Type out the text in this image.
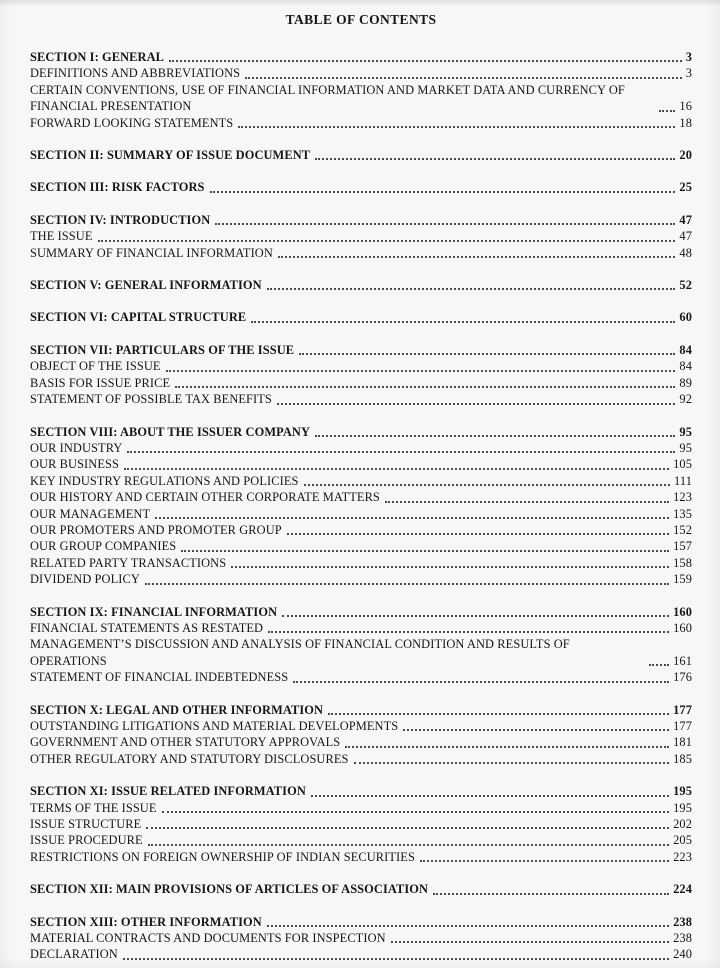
TABLE OF CONTENTS
SECTION I: GENERAL	3
DEFINITIONS AND ABBREVIATIONS	3
CERTAIN CONVENTIONS, USE OF FINANCIAL INFORMATION AND MARKET DATA AND CURRENCY OF FINANCIAL PRESENTATION	16
FORWARD LOOKING STATEMENTS	18
SECTION II: SUMMARY OF ISSUE DOCUMENT	20
SECTION III: RISK FACTORS	25
SECTION IV: INTRODUCTION	47
THE ISSUE	47
SUMMARY OF FINANCIAL INFORMATION	48
SECTION V: GENERAL INFORMATION	52
SECTION VI: CAPITAL STRUCTURE	60
SECTION VII: PARTICULARS OF THE ISSUE	84
OBJECT OF THE ISSUE	84
BASIS FOR ISSUE PRICE	89
STATEMENT OF POSSIBLE TAX BENEFITS	92
SECTION VIII: ABOUT THE ISSUER COMPANY	95
OUR INDUSTRY	95
OUR BUSINESS	105
KEY INDUSTRY REGULATIONS AND POLICIES	111
OUR HISTORY AND CERTAIN OTHER CORPORATE MATTERS	123
OUR MANAGEMENT	135
OUR PROMOTERS AND PROMOTER GROUP	152
OUR GROUP COMPANIES	157
RELATED PARTY TRANSACTIONS	158
DIVIDEND POLICY	159
SECTION IX: FINANCIAL INFORMATION	160
FINANCIAL STATEMENTS AS RESTATED	160
MANAGEMENT’S DISCUSSION AND ANALYSIS OF FINANCIAL CONDITION AND RESULTS OF OPERATIONS	161
STATEMENT OF FINANCIAL INDEBTEDNESS	176
SECTION X: LEGAL AND OTHER INFORMATION	177
OUTSTANDING LITIGATIONS AND MATERIAL DEVELOPMENTS	177
GOVERNMENT AND OTHER STATUTORY APPROVALS	181
OTHER REGULATORY AND STATUTORY DISCLOSURES	185
SECTION XI: ISSUE RELATED INFORMATION	195
TERMS OF THE ISSUE	195
ISSUE STRUCTURE	202
ISSUE PROCEDURE	205
RESTRICTIONS ON FOREIGN OWNERSHIP OF INDIAN SECURITIES	223
SECTION XII: MAIN PROVISIONS OF ARTICLES OF ASSOCIATION	224
SECTION XIII: OTHER INFORMATION	238
MATERIAL CONTRACTS AND DOCUMENTS FOR INSPECTION	238
DECLARATION	240
